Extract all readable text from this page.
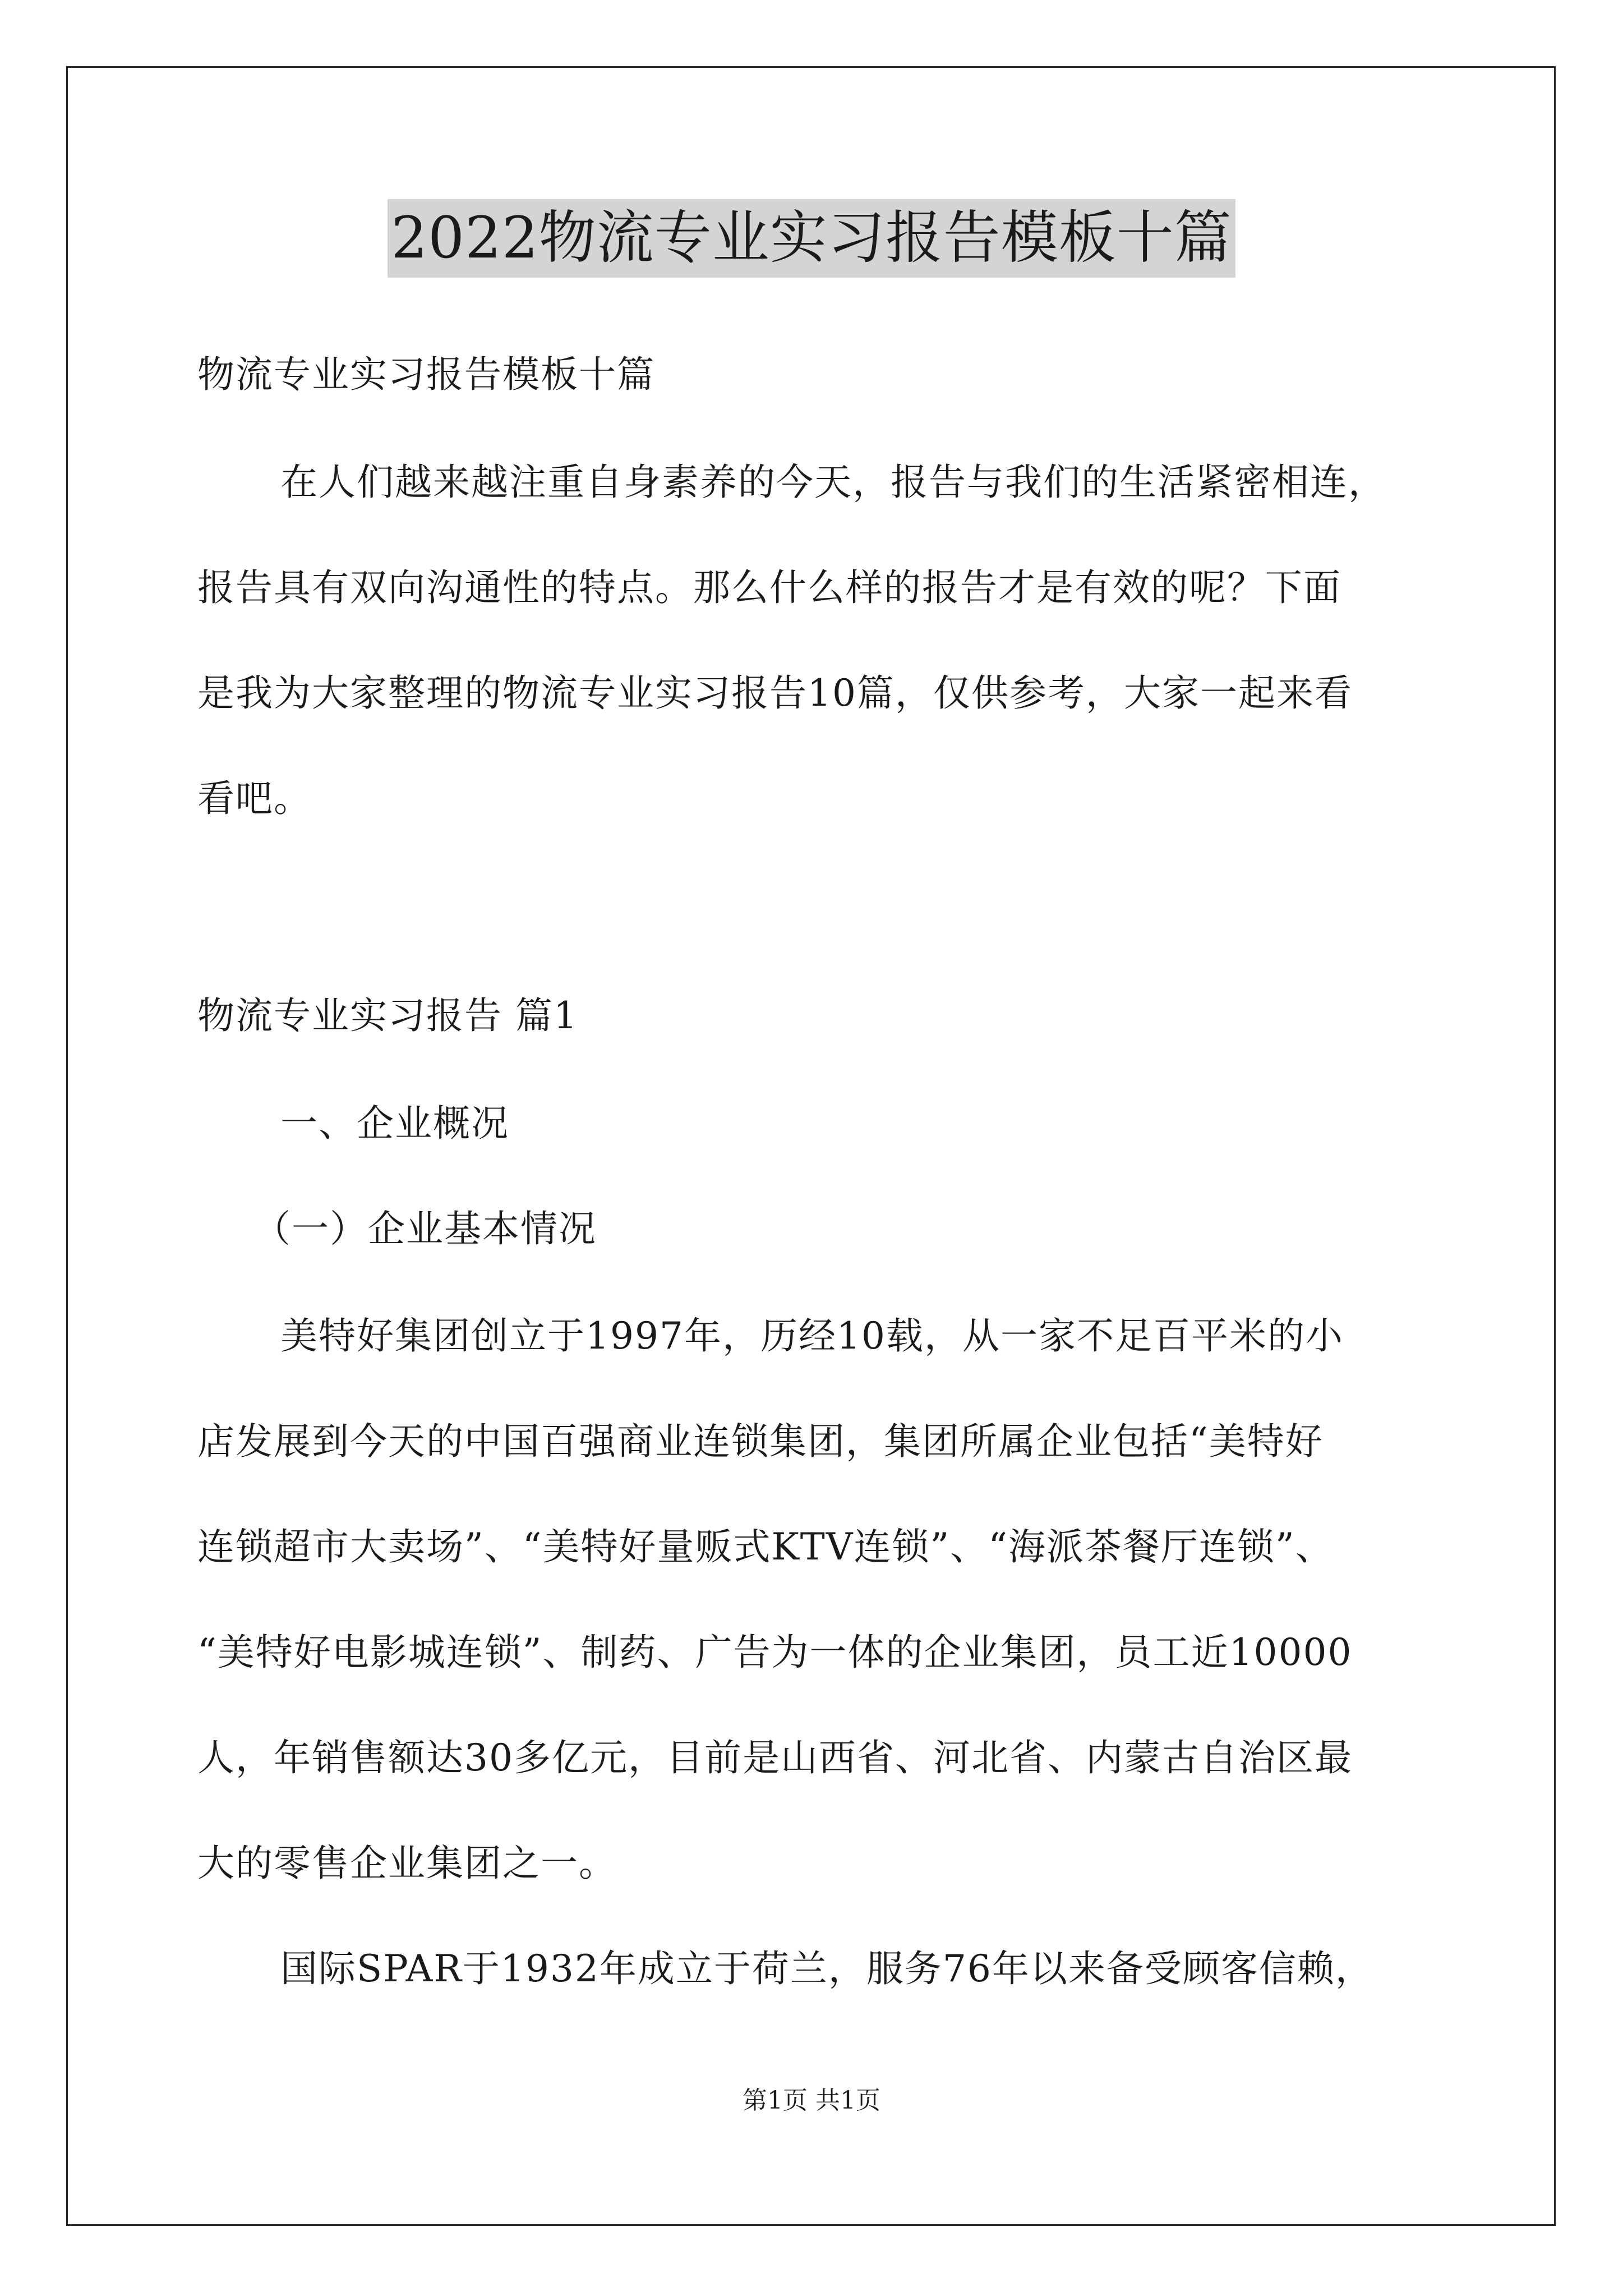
2022物流专业实习报告模板十篇
物流专业实习报告模板十篇
在人们越来越注重自身素养的今天，报告与我们的生活紧密相连，
报告具有双向沟通性的特点。那么什么样的报告才是有效的呢？下面
是我为大家整理的物流专业实习报告10篇，仅供参考，大家一起来看
看吧。
物流专业实习报告 篇1
一、企业概况
（一）企业基本情况
美特好集团创立于1997年，历经10载，从一家不足百平米的小
店发展到今天的中国百强商业连锁集团，集团所属企业包括“美特好
连锁超市大卖场”、“美特好量贩式KTV连锁”、“海派茶餐厅连锁”、
“美特好电影城连锁”、制药、广告为一体的企业集团，员工近10000
人，年销售额达30多亿元，目前是山西省、河北省、内蒙古自治区最
大的零售企业集团之一。
国际SPAR于1932年成立于荷兰，服务76年以来备受顾客信赖，
第1页 共1页
